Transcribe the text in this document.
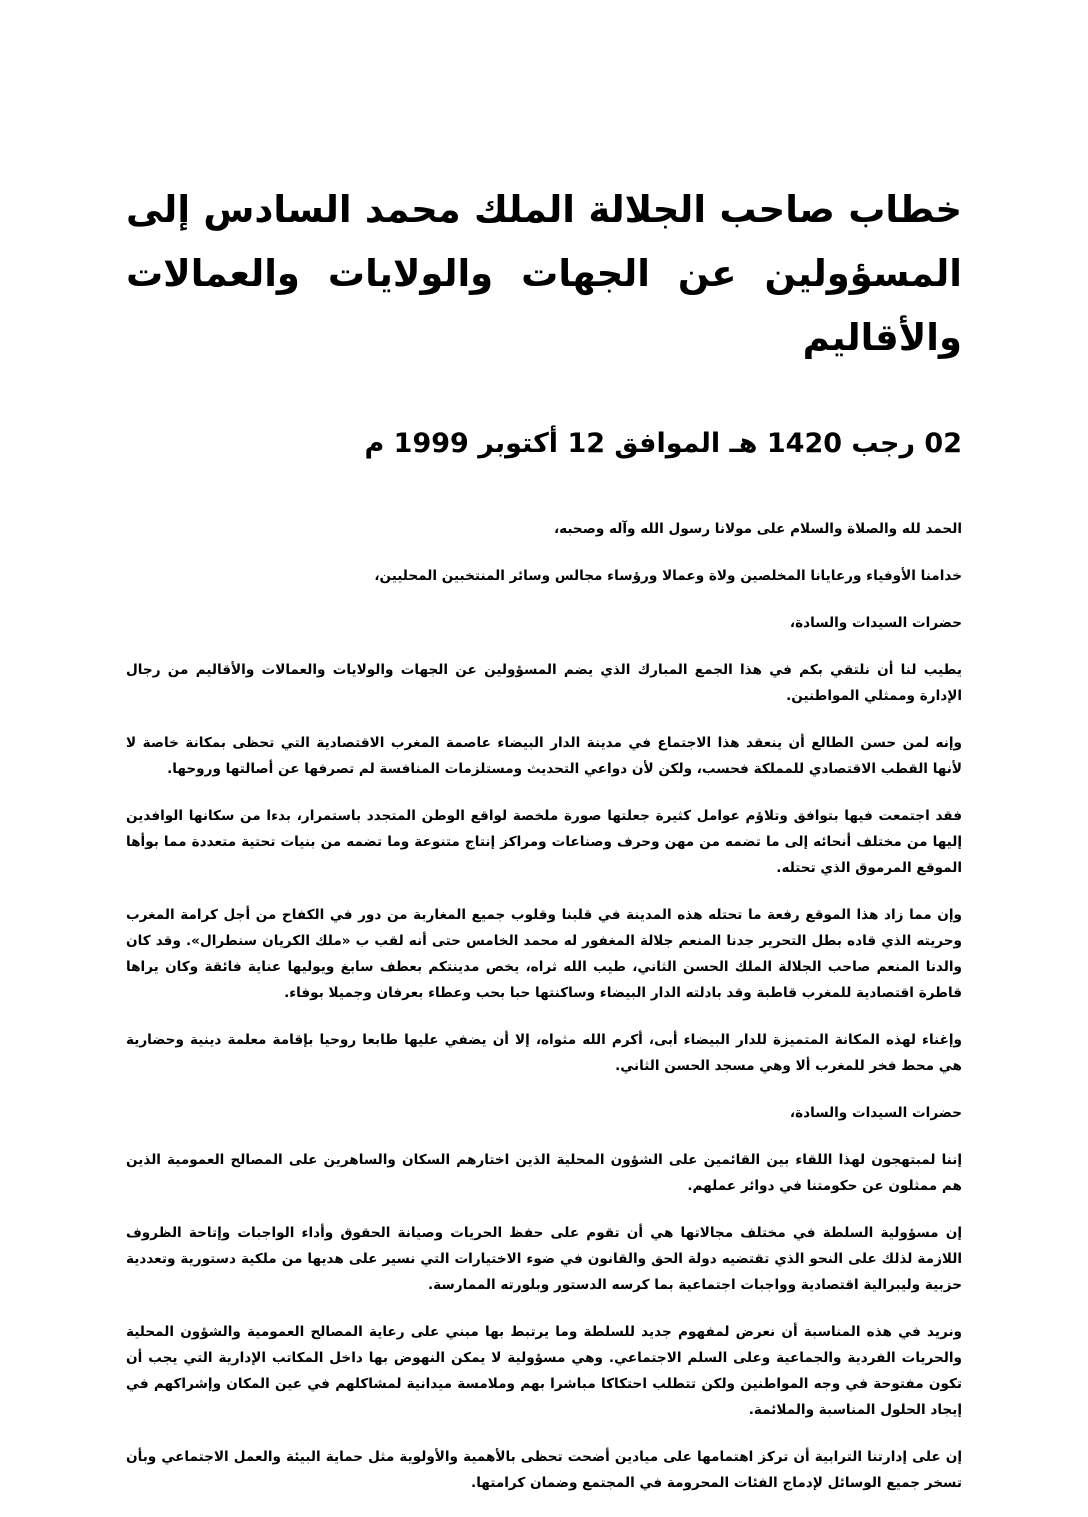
خطاب صاحب الجلالة الملك محمد السادس إلى المسؤولين عن الجهات والولايات والعمالات والأقاليم
02 رجب 1420 هـ الموافق 12 أكتوبر 1999 م

الحمد لله والصلاة والسلام على مولانا رسول الله وآله وصحبه،

خدامنا الأوفياء ورعايانا المخلصين ولاة وعمالا ورؤساء مجالس وسائر المنتخبين المحليين،

حضرات السيدات والسادة،

يطيب لنا أن نلتقي بكم في هذا الجمع المبارك الذي يضم المسؤولين عن الجهات والولايات والعمالات والأقاليم من رجال الإدارة وممثلي المواطنين.

وإنه لمن حسن الطالع أن ينعقد هذا الاجتماع في مدينة الدار البيضاء عاصمة المغرب الاقتصادية التي تحظى بمكانة خاصة لا لأنها القطب الاقتصادي للمملكة فحسب، ولكن لأن دواعي التحديث ومستلزمات المنافسة لم تصرفها عن أصالتها وروحها.

فقد اجتمعت فيها بتوافق وتلاؤم عوامل كثيرة جعلتها صورة ملخصة لواقع الوطن المتجدد باستمرار، بدءا من سكانها الوافدين إليها من مختلف أنحائه إلى ما تضمه من مهن وحرف وصناعات ومراكز إنتاج متنوعة وما تضمه من بنيات تحتية متعددة مما بوأها الموقع المرموق الذي تحتله.

وإن مما زاد هذا الموقع رفعة ما تحتله هذه المدينة في قلبنا وقلوب جميع المغاربة من دور في الكفاح من أجل كرامة المغرب وحريته الذي قاده بطل التحرير جدنا المنعم جلالة المغفور له محمد الخامس حتى أنه لقب ب «ملك الكريان سنطرال». وقد كان والدنا المنعم صاحب الجلالة الملك الحسن الثاني، طيب الله ثراه، يخص مدينتكم بعطف سابغ ويوليها عناية فائقة وكان يراها قاطرة اقتصادية للمغرب قاطبة وقد بادلته الدار البيضاء وساكنتها حبا بحب وعطاء بعرفان وجميلا بوفاء.

وإغناء لهذه المكانة المتميزة للدار البيضاء أبى، أكرم الله مثواه، إلا أن يضفي عليها طابعا روحيا بإقامة معلمة دينية وحضارية هي محط فخر للمغرب ألا وهي مسجد الحسن الثاني.

حضرات السيدات والسادة،

إننا لمبتهجون لهذا اللقاء بين القائمين على الشؤون المحلية الذين اختارهم السكان والساهرين على المصالح العمومية الذين هم ممثلون عن حكومتنا في دوائر عملهم.

إن مسؤولية السلطة في مختلف مجالاتها هي أن تقوم على حفظ الحريات وصيانة الحقوق وأداء الواجبات وإتاحة الظروف اللازمة لذلك على النحو الذي تقتضيه دولة الحق والقانون في ضوء الاختيارات التي نسير على هديها من ملكية دستورية وتعددية حزبية وليبرالية اقتصادية وواجبات اجتماعية بما كرسه الدستور وبلورته الممارسة.

ونريد في هذه المناسبة أن نعرض لمفهوم جديد للسلطة وما يرتبط بها مبني على رعاية المصالح العمومية والشؤون المحلية والحريات الفردية والجماعية وعلى السلم الاجتماعي. وهي مسؤولية لا يمكن النهوض بها داخل المكاتب الإدارية التي يجب أن تكون مفتوحة في وجه المواطنين ولكن تتطلب احتكاكا مباشرا بهم وملامسة ميدانية لمشاكلهم في عين المكان وإشراكهم في إيجاد الحلول المناسبة والملائمة.

إن على إدارتنا الترابية أن تركز اهتمامها على ميادين أضحت تحظى بالأهمية والأولوية مثل حماية البيئة والعمل الاجتماعي وبأن تسخر جميع الوسائل لإدماج الفئات المحرومة في المجتمع وضمان كرامتها.
